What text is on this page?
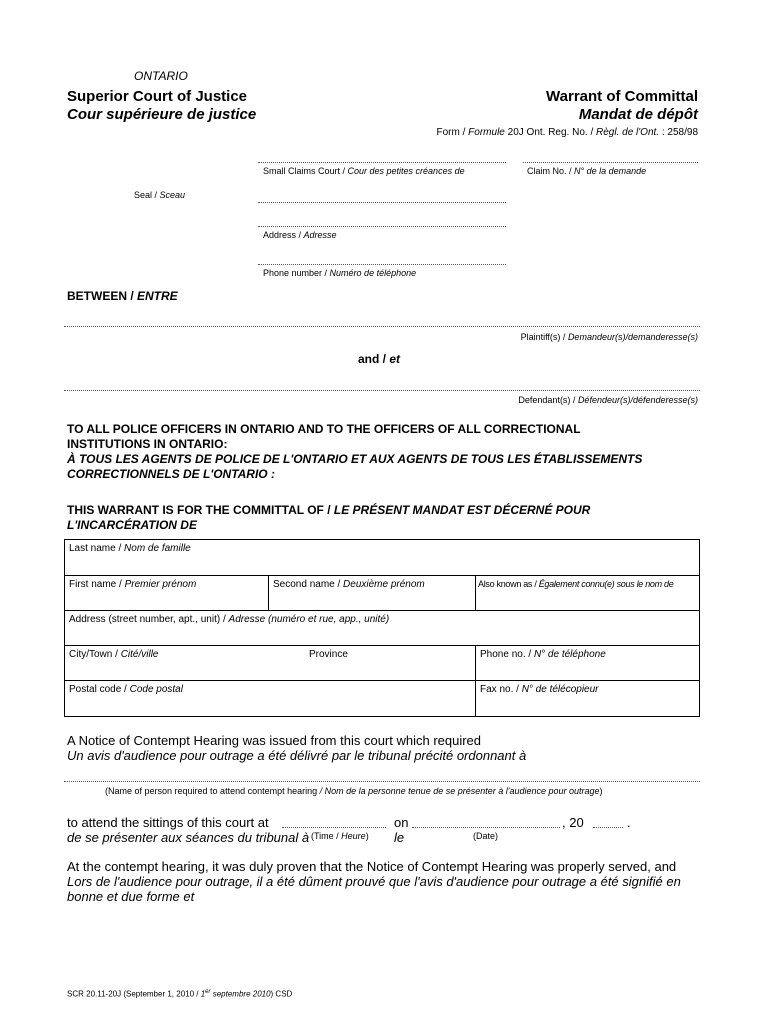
ONTARIO
Superior Court of Justice
Cour supérieure de justice
Warrant of Committal
Mandat de dépôt
Form / Formule 20J Ont. Reg. No. / Règl. de l'Ont. : 258/98
Small Claims Court / Cour des petites créances de	Claim No. / N° de la demande
Seal / Sceau
Address / Adresse
Phone number / Numéro de téléphone
BETWEEN / ENTRE
Plaintiff(s) / Demandeur(s)/demanderesse(s)
and / et
Defendant(s) / Défendeur(s)/défenderesse(s)
TO ALL POLICE OFFICERS IN ONTARIO AND TO THE OFFICERS OF ALL CORRECTIONAL
INSTITUTIONS IN ONTARIO:
À TOUS LES AGENTS DE POLICE DE L'ONTARIO ET AUX AGENTS DE TOUS LES ÉTABLISSEMENTS
CORRECTIONNELS DE L'ONTARIO :
THIS WARRANT IS FOR THE COMMITTAL OF / LE PRÉSENT MANDAT EST DÉCERNÉ POUR
L'INCARCÉRATION DE
Last name / Nom de famille
First name / Premier prénom	Second name / Deuxième prénom	Also known as / Également connu(e) sous le nom de
Address (street number, apt., unit) / Adresse (numéro et rue, app., unité)
City/Town / Cité/ville	Province	Phone no. / N° de téléphone
Postal code / Code postal	Fax no. / N° de télécopieur
A Notice of Contempt Hearing was issued from this court which required
Un avis d'audience pour outrage a été délivré par le tribunal précité ordonnant à
(Name of person required to attend contempt hearing / Nom de la personne tenue de se présenter à l'audience pour outrage)
to attend the sittings of this court at
de se présenter aux séances du tribunal à (Time / Heure)
on
le	(Date)
, 20	.
At the contempt hearing, it was duly proven that the Notice of Contempt Hearing was properly served, and
Lors de l'audience pour outrage, il a été dûment prouvé que l'avis d'audience pour outrage a été signifié en
bonne et due forme et
SCR 20.11-20J (September 1, 2010 / 1er septembre 2010) CSD
